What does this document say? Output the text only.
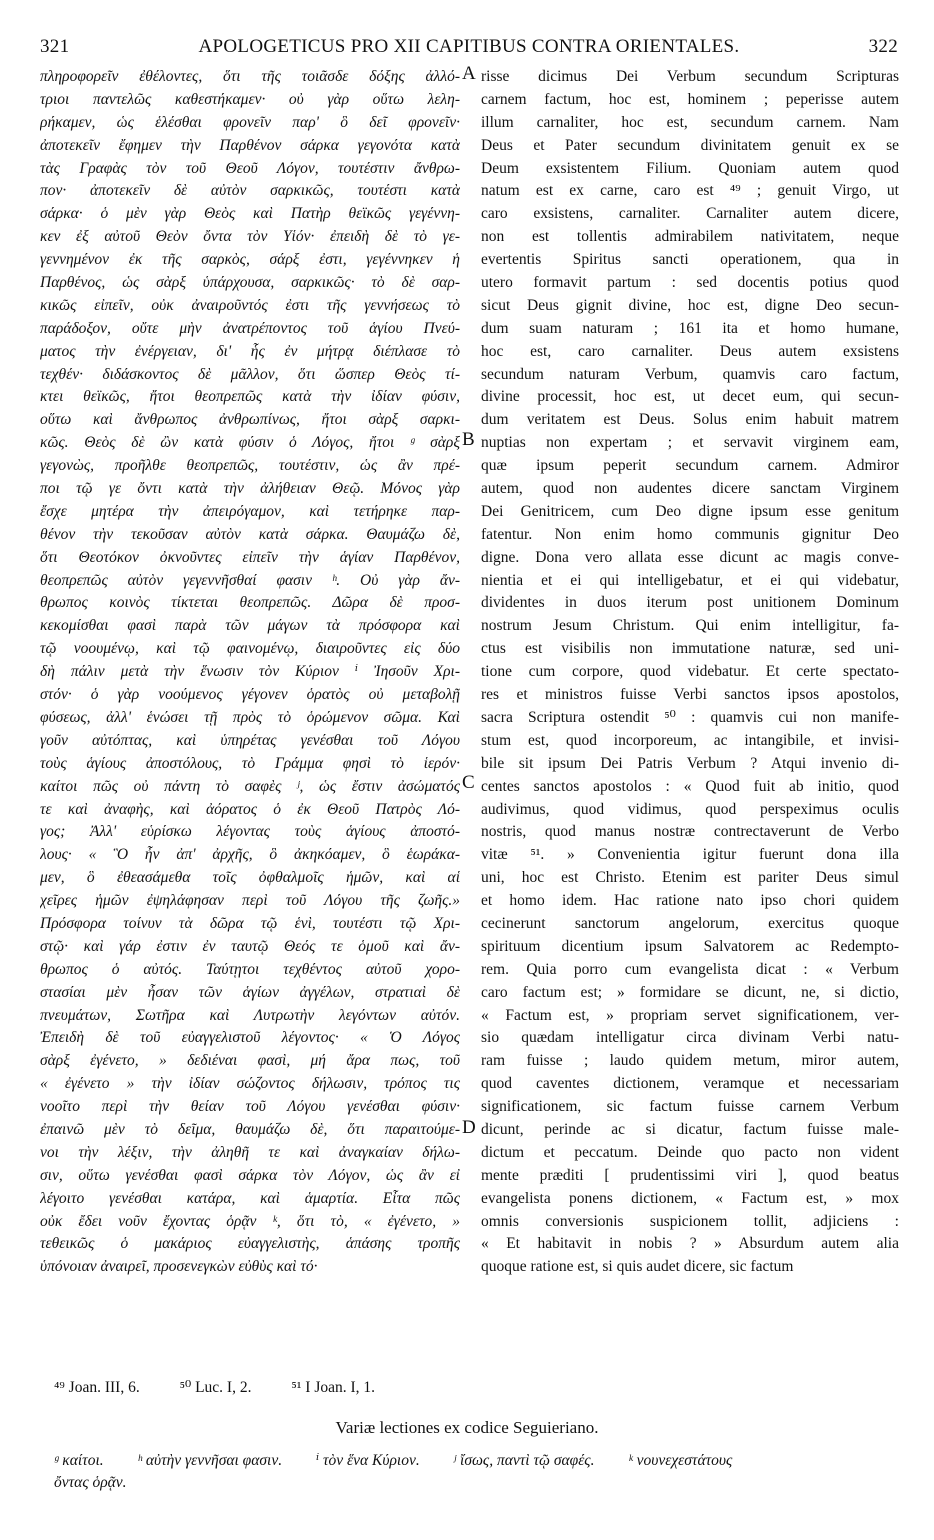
321	APOLOGETICUS PRO XII CAPITIBUS CONTRA ORIENTALES.	322
πληροφορεῖν ἐθέλοντες, ὅτι τῆς τοιᾶσδε δόξης ἀλλό-
τριοι παντελῶς καθεστήκαμεν· οὐ γὰρ οὕτω λελη-
ρήκαμεν, ὡς ἑλέσθαι φρονεῖν παρ' ὃ δεῖ φρονεῖν·
ἀποτεκεῖν ἔφημεν τὴν Παρθένον σάρκα γεγονότα κατὰ
τὰς Γραφὰς τὸν τοῦ Θεοῦ Λόγον, τουτέστιν ἄνθρω-
πον· ἀποτεκεῖν δὲ αὐτὸν σαρκικῶς, τουτέστι κατὰ
σάρκα· ὁ μὲν γὰρ Θεὸς καὶ Πατὴρ θεϊκῶς γεγέννη-
κεν ἐξ αὐτοῦ Θεὸν ὄντα τὸν Υἱόν· ἐπειδὴ δὲ τὸ γε-
γεννημένον ἐκ τῆς σαρκὸς, σάρξ ἐστι, γεγέννηκεν ἡ
Παρθένος, ὡς σὰρξ ὑπάρχουσα, σαρκικῶς· τὸ δὲ σαρ-
κικῶς εἰπεῖν, οὐκ ἀναιροῦντός ἐστι τῆς γεννήσεως τὸ
παράδοξον, οὔτε μὴν ἀνατρέποντος τοῦ ἁγίου Πνεύ-
ματος τὴν ἐνέργειαν, δι' ἧς ἐν μήτρᾳ διέπλασε τὸ
τεχθέν· διδάσκοντος δὲ μᾶλλον, ὅτι ὥσπερ Θεὸς τί-
κτει θεϊκῶς, ἤτοι θεοπρεπῶς κατὰ τὴν ἰδίαν φύσιν,
οὕτω καὶ ἄνθρωπος ἀνθρωπίνως, ἤτοι σὰρξ σαρκι-
κῶς. Θεὸς δὲ ὢν κατὰ φύσιν ὁ Λόγος, ἤτοι ᵍ σὰρξ
γεγονὼς, προῆλθε θεοπρεπῶς, τουτέστιν, ὡς ἂν πρέ-
ποι τῷ γε ὄντι κατὰ τὴν ἀλήθειαν Θεῷ. Μόνος γὰρ
ἔσχε μητέρα τὴν ἀπειρόγαμον, καὶ τετήρηκε παρ-
θένον τὴν τεκοῦσαν αὐτὸν κατὰ σάρκα. Θαυμάζω δὲ,
ὅτι Θεοτόκον ὀκνοῦντες εἰπεῖν τὴν ἁγίαν Παρθένον,
θεοπρεπῶς αὐτὸν γεγεννῆσθαί φασιν ʰ. Οὐ γὰρ ἄν-
θρωπος κοινὸς τίκτεται θεοπρεπῶς. Δῶρα δὲ προσ-
κεκομίσθαι φασὶ παρὰ τῶν μάγων τὰ πρόσφορα καὶ
τῷ νοουμένῳ, καὶ τῷ φαινομένῳ, διαιροῦντες εἰς δύο
δὴ πάλιν μετὰ τὴν ἕνωσιν τὸν Κύριον ⁱ Ἰησοῦν Χρι-
στόν· ὁ γὰρ νοούμενος γέγονεν ὁρατὸς οὐ μεταβολῇ
φύσεως, ἀλλ' ἑνώσει τῇ πρὸς τὸ ὁρώμενον σῶμα. Καὶ
γοῦν αὐτόπτας, καὶ ὑπηρέτας γενέσθαι τοῦ Λόγου
τοὺς ἁγίους ἀποστόλους, τὸ Γράμμα φησὶ τὸ ἱερόν·
καίτοι πῶς οὐ πάντη τὸ σαφὲς ʲ, ὡς ἔστιν ἀσώματός
τε καὶ ἀναφὴς, καὶ ἀόρατος ὁ ἐκ Θεοῦ Πατρὸς Λό-
γος; Ἀλλ' εὑρίσκω λέγοντας τοὺς ἁγίους ἀποστό-
λους· « Ὃ ἦν ἀπ' ἀρχῆς, ὃ ἀκηκόαμεν, ὃ ἑωράκα-
μεν, ὃ ἐθεασάμεθα τοῖς ὀφθαλμοῖς ἡμῶν, καὶ αἱ
χεῖρες ἡμῶν ἐψηλάφησαν περὶ τοῦ Λόγου τῆς ζωῆς.»
Πρόσφορα τοίνυν τὰ δῶρα τῷ ἑνὶ, τουτέστι τῷ Χρι-
στῷ· καὶ γάρ ἐστιν ἐν ταυτῷ Θεός τε ὁμοῦ καὶ ἄν-
θρωπος ὁ αὐτός. Ταύτῃτοι τεχθέντος αὐτοῦ χορο-
στασίαι μὲν ἦσαν τῶν ἁγίων ἀγγέλων, στρατιαὶ δὲ
πνευμάτων, Σωτῆρα καὶ Λυτρωτὴν λεγόντων αὐτόν.
Ἐπειδὴ δὲ τοῦ εὐαγγελιστοῦ λέγοντος· « Ὁ Λόγος
σὰρξ ἐγένετο, » δεδιέναι φασὶ, μή ἄρα πως, τοῦ
« ἐγένετο » τὴν ἰδίαν σώζοντος δήλωσιν, τρόπος τις
νοοῖτο περὶ τὴν θείαν τοῦ Λόγου γενέσθαι φύσιν·
ἐπαινῶ μὲν τὸ δεῖμα, θαυμάζω δὲ, ὅτι παραιτούμε-
νοι τὴν λέξιν, τὴν ἀληθῆ τε καὶ ἀναγκαίαν δήλω-
σιν, οὕτω γενέσθαι φασὶ σάρκα τὸν Λόγον, ὡς ἂν εἰ
λέγοιτο γενέσθαι κατάρα, καὶ ἁμαρτία. Εἶτα πῶς
οὐκ ἔδει νοῦν ἔχοντας ὁρᾷν ᵏ, ὅτι τὸ, « ἐγένετο, »
τεθεικῶς ὁ μακάριος εὐαγγελιστὴς, ἁπάσης τροπῆς
ὑπόνοιαν ἀναιρεῖ, προσενεγκὼν εὐθὺς καὶ τό·
risse dicimus Dei Verbum secundum Scripturas
carnem factum, hoc est, hominem ; peperisse autem
illum carnaliter, hoc est, secundum carnem. Nam
Deus et Pater secundum divinitatem genuit ex se
Deum exsistentem Filium. Quoniam autem quod
natum est ex carne, caro est ⁴⁹ ; genuit Virgo, ut
caro exsistens, carnaliter. Carnaliter autem dicere,
non est tollentis admirabilem nativitatem, neque
evertentis Spiritus sancti operationem, qua in
utero formavit partum : sed docentis potius quod
sicut Deus gignit divine, hoc est, digne Deo secun-
dum suam naturam ; 161 ita et homo humane,
hoc est, caro carnaliter. Deus autem exsistens
secundum naturam Verbum, quamvis caro factum,
divine processit, hoc est, ut decet eum, qui secun-
dum veritatem est Deus. Solus enim habuit matrem
nuptias non expertam ; et servavit virginem eam,
quæ ipsum peperit secundum carnem. Admiror
autem, quod non audentes dicere sanctam Virginem
Dei Genitricem, cum Deo digne ipsum esse genitum
fatentur. Non enim homo communis gignitur Deo
digne. Dona vero allata esse dicunt ac magis conve-
nientia et ei qui intelligebatur, et ei qui videbatur,
dividentes in duos iterum post unitionem Dominum
nostrum Jesum Christum. Qui enim intelligitur, fa-
ctus est visibilis non immutatione naturæ, sed uni-
tione cum corpore, quod videbatur. Et certe spectato-
res et ministros fuisse Verbi sanctos ipsos apostolos,
sacra Scriptura ostendit ⁵⁰ : quamvis cui non manife-
stum est, quod incorporeum, ac intangibile, et invisi-
bile sit ipsum Dei Patris Verbum ? Atqui invenio di-
centes sanctos apostolos : « Quod fuit ab initio, quod
audivimus, quod vidimus, quod perspeximus oculis
nostris, quod manus nostræ contrectaverunt de Verbo
vitæ ⁵¹. » Convenientia igitur fuerunt dona illa
uni, hoc est Christo. Etenim est pariter Deus simul
et homo idem. Hac ratione nato ipso chori quidem
cecinerunt sanctorum angelorum, exercitus quoque
spirituum dicentium ipsum Salvatorem ac Redempto-
rem. Quia porro cum evangelista dicat : « Verbum
caro factum est; » formidare se dicunt, ne, si dictio,
« Factum est, » propriam servet significationem, ver-
sio quædam intelligatur circa divinam Verbi natu-
ram fuisse ; laudo quidem metum, miror autem,
quod caventes dictionem, veramque et necessariam
significationem, sic factum fuisse carnem Verbum
dicunt, perinde ac si dicatur, factum fuisse male-
dictum et peccatum. Deinde quo pacto non vident
mente præditi [ prudentissimi viri ], quod beatus
evangelista ponens dictionem, « Factum est, » mox
omnis conversionis suspicionem tollit, adjiciens :
« Et habitavit in nobis ? » Absurdum autem alia
quoque ratione est, si quis audet dicere, sic factum
A
B
C
D
⁴⁹ Joan. III, 6.	⁵⁰ Luc. I, 2.	⁵¹ I Joan. I, 1.
Variæ lectiones ex codice Seguieriano.
ᵍ καίτοι. ʰ αὐτὴν γεννῆσαι φασιν. ⁱ τὸν ἕνα Κύριον. ʲ ἴσως, παντὶ τῷ σαφές. ᵏ νουνεχεστάτους
ὄντας ὁρᾷν.
